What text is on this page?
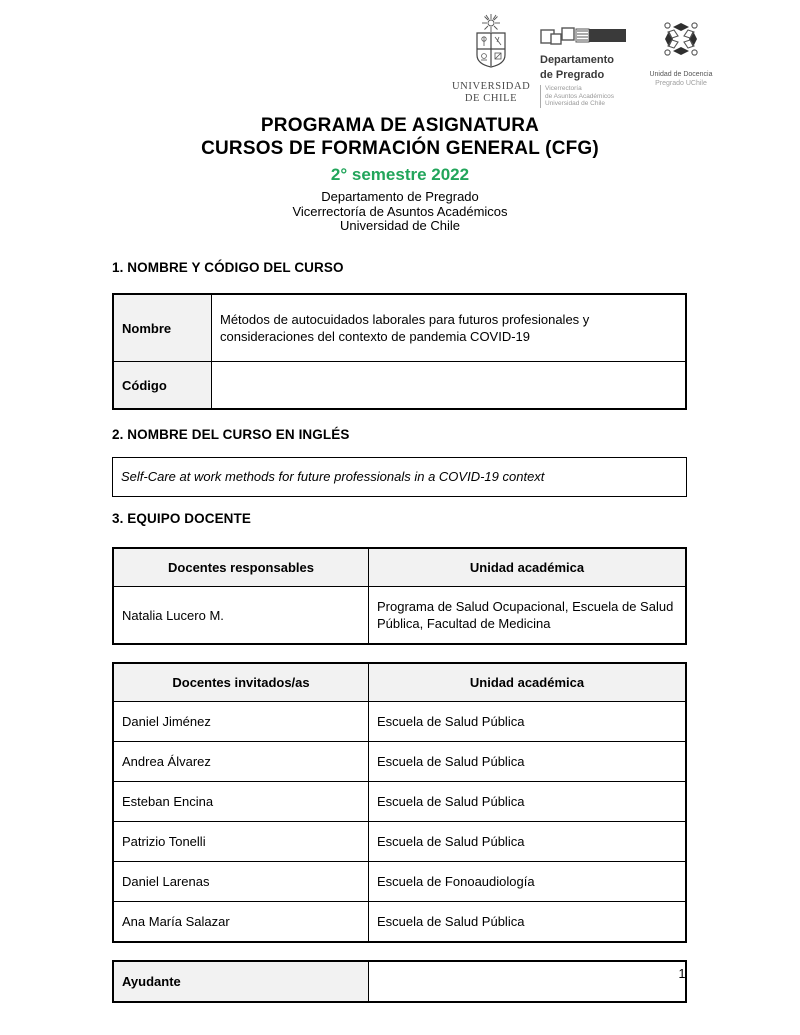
UNIVERSIDAD
DE CHILE
Departamento
de Pregrado
Vicerrectoría
de Asuntos Académicos
Universidad de Chile
Unidad de Docencia
Pregrado UChile
PROGRAMA DE ASIGNATURA
CURSOS DE FORMACIÓN GENERAL (CFG)
2° semestre 2022
Departamento de Pregrado
Vicerrectoría de Asuntos Académicos
Universidad de Chile
1. NOMBRE Y CÓDIGO DEL CURSO
Nombre	Métodos de autocuidados laborales para futuros profesionales y consideraciones del contexto de pandemia COVID-19
Código	
2. NOMBRE DEL CURSO EN INGLÉS
Self-Care at work methods for future professionals in a COVID-19 context
3. EQUIPO DOCENTE
Docentes responsables	Unidad académica
Natalia Lucero M.	Programa de Salud Ocupacional, Escuela de Salud Pública, Facultad de Medicina
Docentes invitados/as	Unidad académica
Daniel Jiménez	Escuela de Salud Pública
Andrea Álvarez	Escuela de Salud Pública
Esteban Encina	Escuela de Salud Pública
Patrizio Tonelli	Escuela de Salud Pública
Daniel Larenas	Escuela de Fonoaudiología
Ana María Salazar	Escuela de Salud Pública
Ayudante		1
